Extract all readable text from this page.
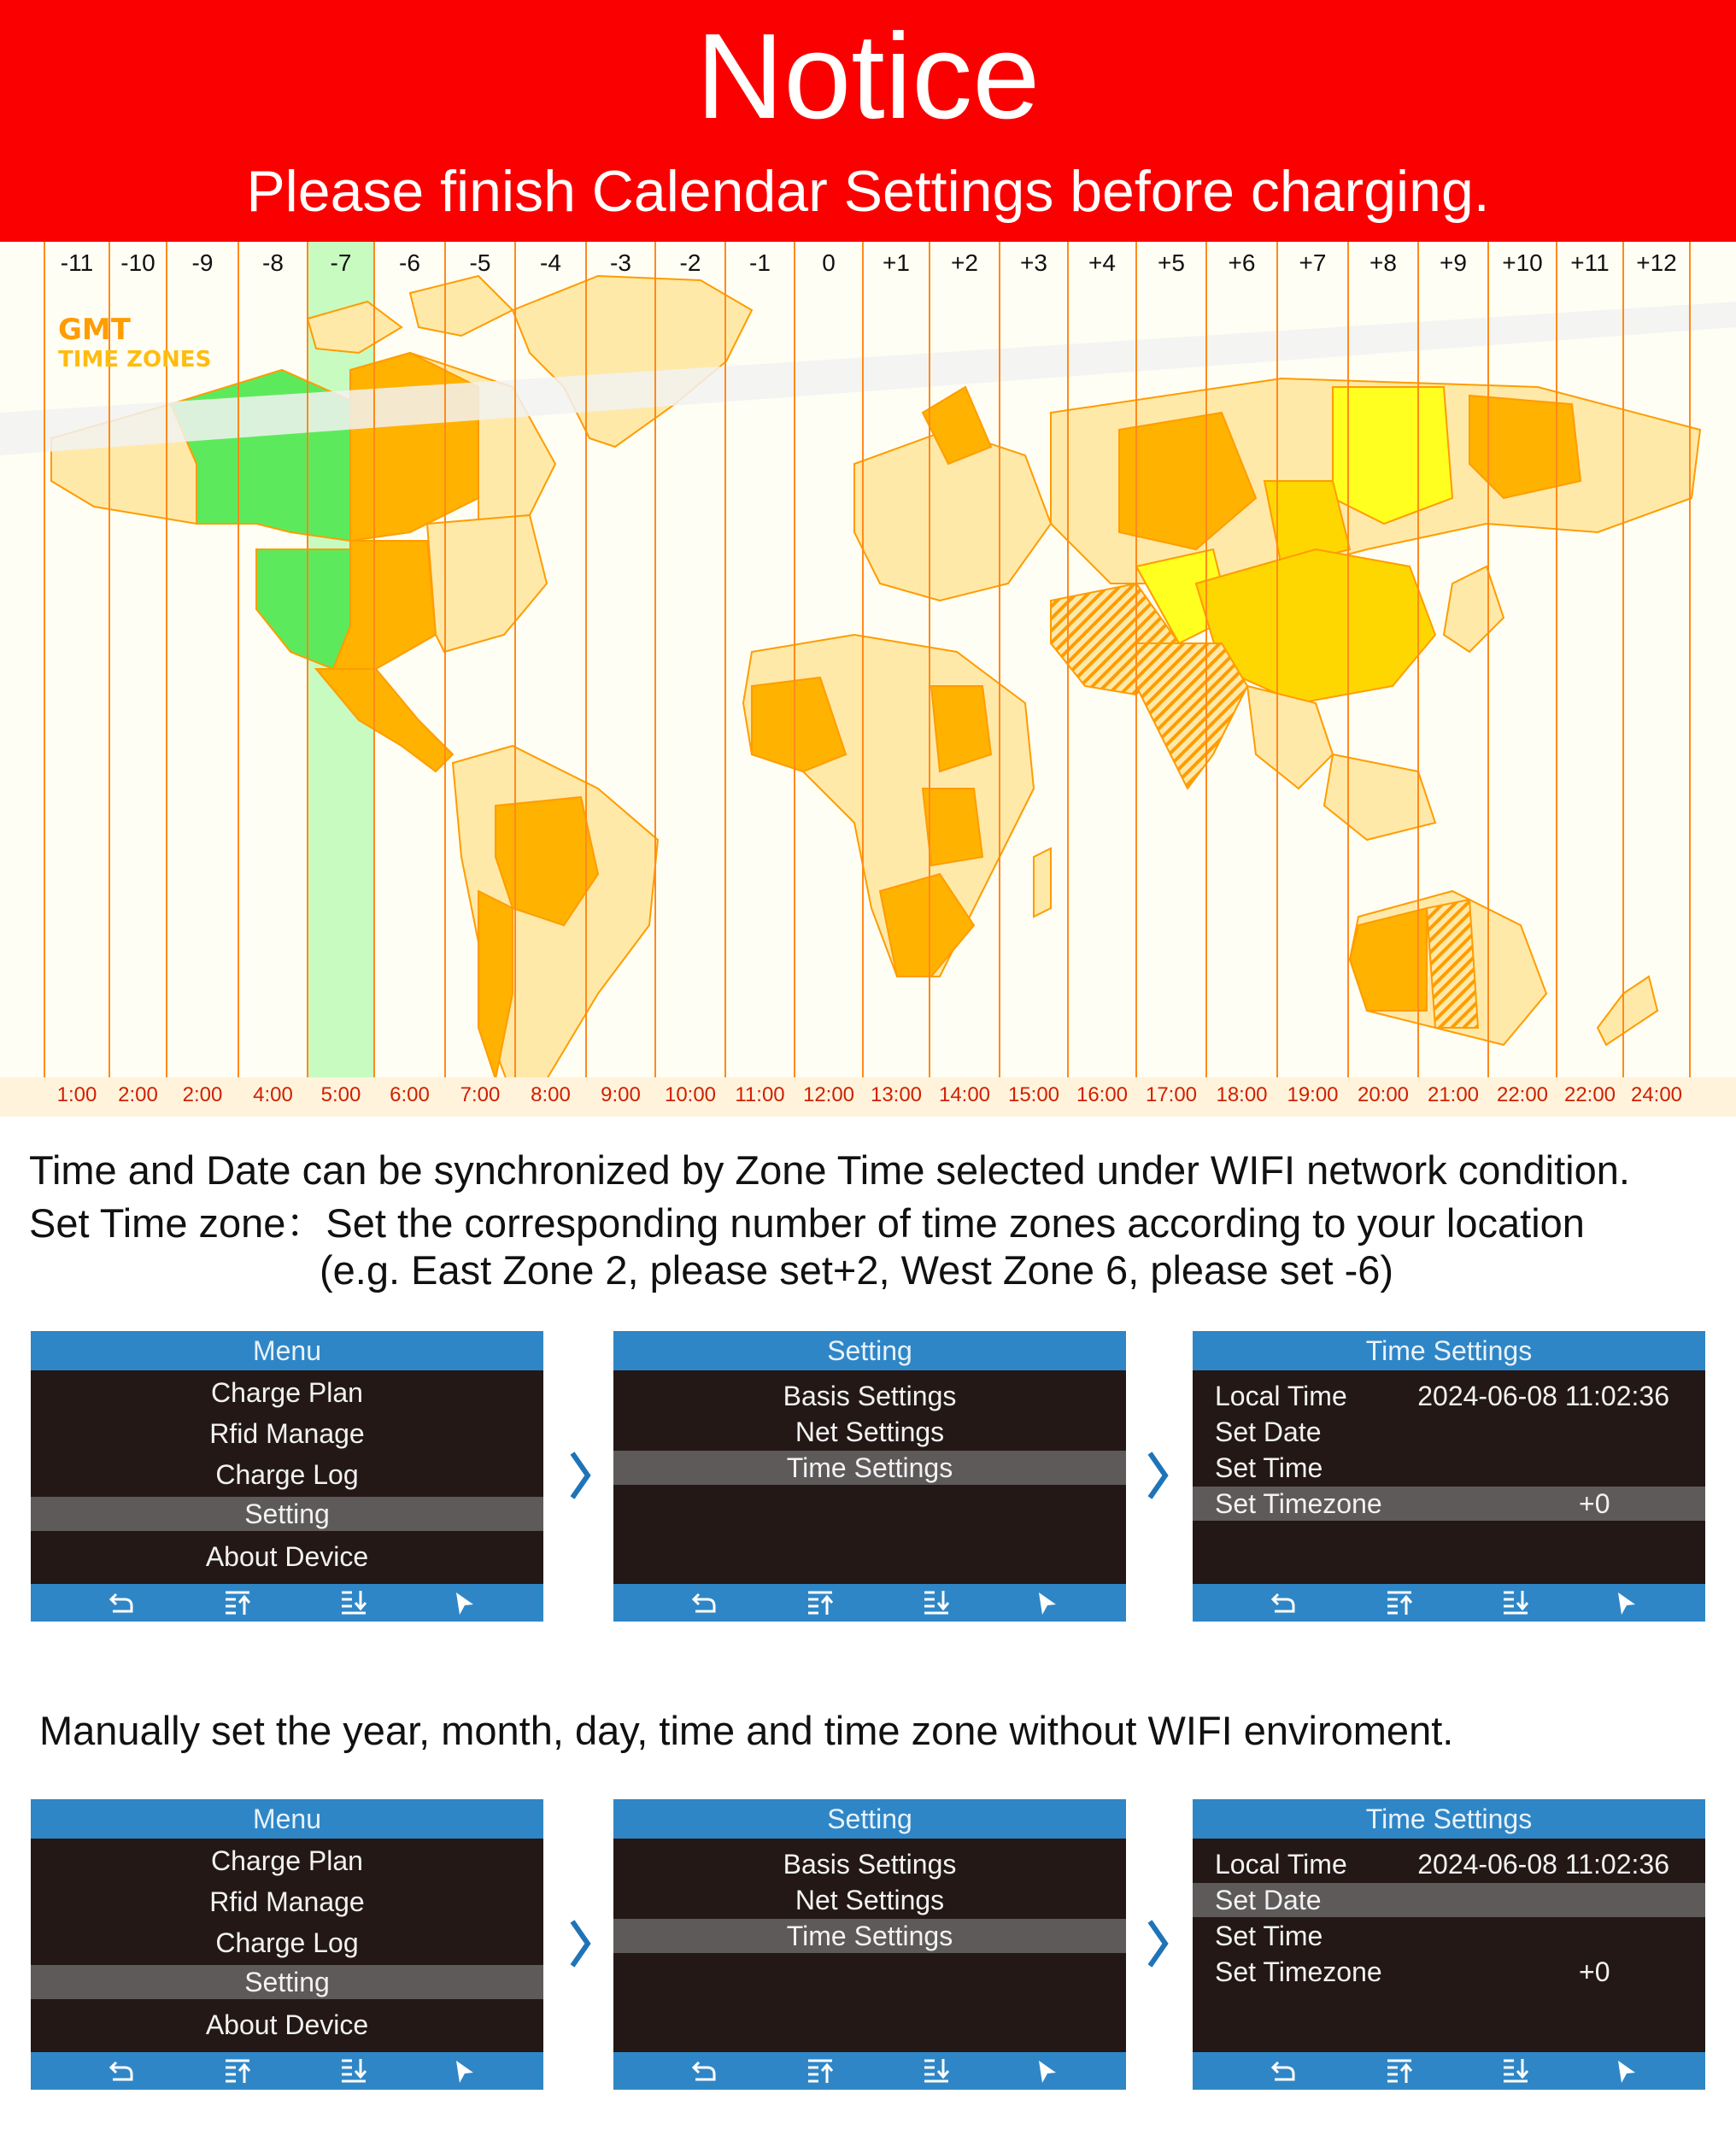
Notice
Please finish Calendar Settings before charging.
GMT
TIME ZONES
-11	-10	-9	-8	-7	-6	-5	-4	-3	-2	-1	0	+1	+2	+3	+4	+5	+6	+7	+8	+9	+10	+11	+12
1:00	2:00	2:00	4:00	5:00	6:00	7:00	8:00	9:00	10:00 11:00 12:00 13:00 14:00 15:00 16:00 17:00 18:00 19:00 20:00 21:00 22:00 22:00 24:00
Time and Date can be synchronized by Zone Time selected under WIFI network condition.
Set Time zone：Set the corresponding number of time zones according to your location
(e.g. East Zone 2, please set+2, West Zone 6, please set -6)
Menu
Charge Plan
Rfid Manage
Charge Log
Setting
About Device
Setting
Basis Settings
Net Settings
Time Settings
Time Settings
Local Time	2024-06-08 11:02:36
Set Date
Set Time
Set Timezone	+0
Manually set the year, month, day, time and time zone without WIFI enviroment.
Menu
Charge Plan
Rfid Manage
Charge Log
Setting
About Device
Setting
Basis Settings
Net Settings
Time Settings
Time Settings
Local Time	2024-06-08 11:02:36
Set Date
Set Time
Set Timezone	+0
